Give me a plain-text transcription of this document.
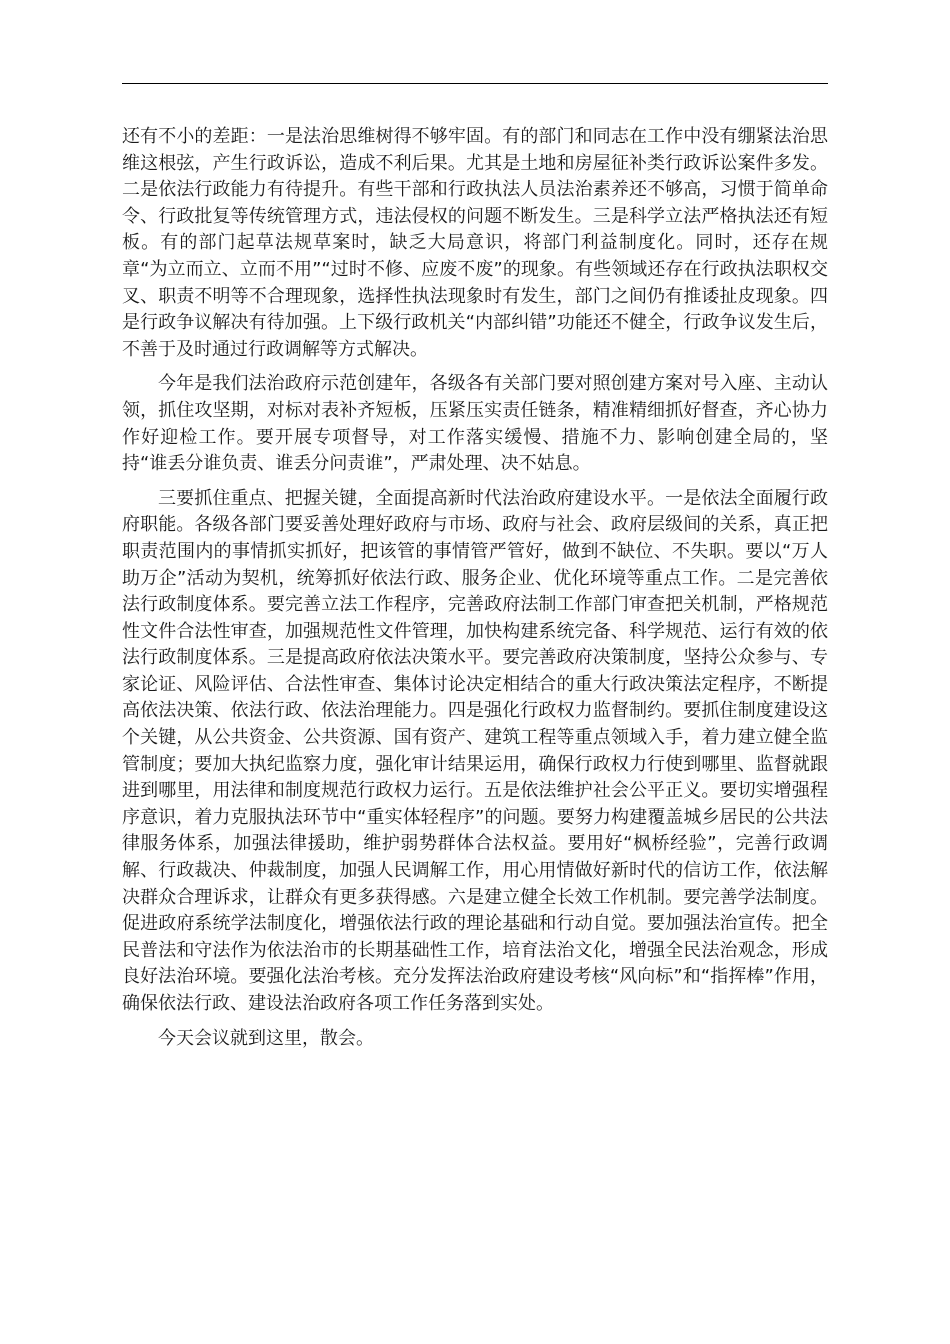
还有不小的差距：一是法治思维树得不够牢固。有的部门和同志在工作中没有绷紧法治思维这根弦，产生行政诉讼，造成不利后果。尤其是土地和房屋征补类行政诉讼案件多发。二是依法行政能力有待提升。有些干部和行政执法人员法治素养还不够高，习惯于简单命令、行政批复等传统管理方式，违法侵权的问题不断发生。三是科学立法严格执法还有短板。有的部门起草法规草案时，缺乏大局意识，将部门利益制度化。同时，还存在规章“为立而立、立而不用”“过时不修、应废不废”的现象。有些领域还存在行政执法职权交叉、职责不明等不合理现象，选择性执法现象时有发生，部门之间仍有推诿扯皮现象。四是行政争议解决有待加强。上下级行政机关“内部纠错”功能还不健全，行政争议发生后，不善于及时通过行政调解等方式解决。

今年是我们法治政府示范创建年，各级各有关部门要对照创建方案对号入座、主动认领，抓住攻坚期，对标对表补齐短板，压紧压实责任链条，精准精细抓好督查，齐心协力作好迎检工作。要开展专项督导，对工作落实缓慢、措施不力、影响创建全局的，坚持“谁丢分谁负责、谁丢分问责谁”，严肃处理、决不姑息。

三要抓住重点、把握关键，全面提高新时代法治政府建设水平。一是依法全面履行政府职能。各级各部门要妥善处理好政府与市场、政府与社会、政府层级间的关系，真正把职责范围内的事情抓实抓好，把该管的事情管严管好，做到不缺位、不失职。要以“万人助万企”活动为契机，统筹抓好依法行政、服务企业、优化环境等重点工作。二是完善依法行政制度体系。要完善立法工作程序，完善政府法制工作部门审查把关机制，严格规范性文件合法性审查，加强规范性文件管理，加快构建系统完备、科学规范、运行有效的依法行政制度体系。三是提高政府依法决策水平。要完善政府决策制度，坚持公众参与、专家论证、风险评估、合法性审查、集体讨论决定相结合的重大行政决策法定程序，不断提高依法决策、依法行政、依法治理能力。四是强化行政权力监督制约。要抓住制度建设这个关键，从公共资金、公共资源、国有资产、建筑工程等重点领域入手，着力建立健全监管制度；要加大执纪监察力度，强化审计结果运用，确保行政权力行使到哪里、监督就跟进到哪里，用法律和制度规范行政权力运行。五是依法维护社会公平正义。要切实增强程序意识，着力克服执法环节中“重实体轻程序”的问题。要努力构建覆盖城乡居民的公共法律服务体系，加强法律援助，维护弱势群体合法权益。要用好“枫桥经验”，完善行政调解、行政裁决、仲裁制度，加强人民调解工作，用心用情做好新时代的信访工作，依法解决群众合理诉求，让群众有更多获得感。六是建立健全长效工作机制。要完善学法制度。促进政府系统学法制度化，增强依法行政的理论基础和行动自觉。要加强法治宣传。把全民普法和守法作为依法治市的长期基础性工作，培育法治文化，增强全民法治观念，形成良好法治环境。要强化法治考核。充分发挥法治政府建设考核“风向标”和“指挥棒”作用，确保依法行政、建设法治政府各项工作任务落到实处。

今天会议就到这里，散会。
